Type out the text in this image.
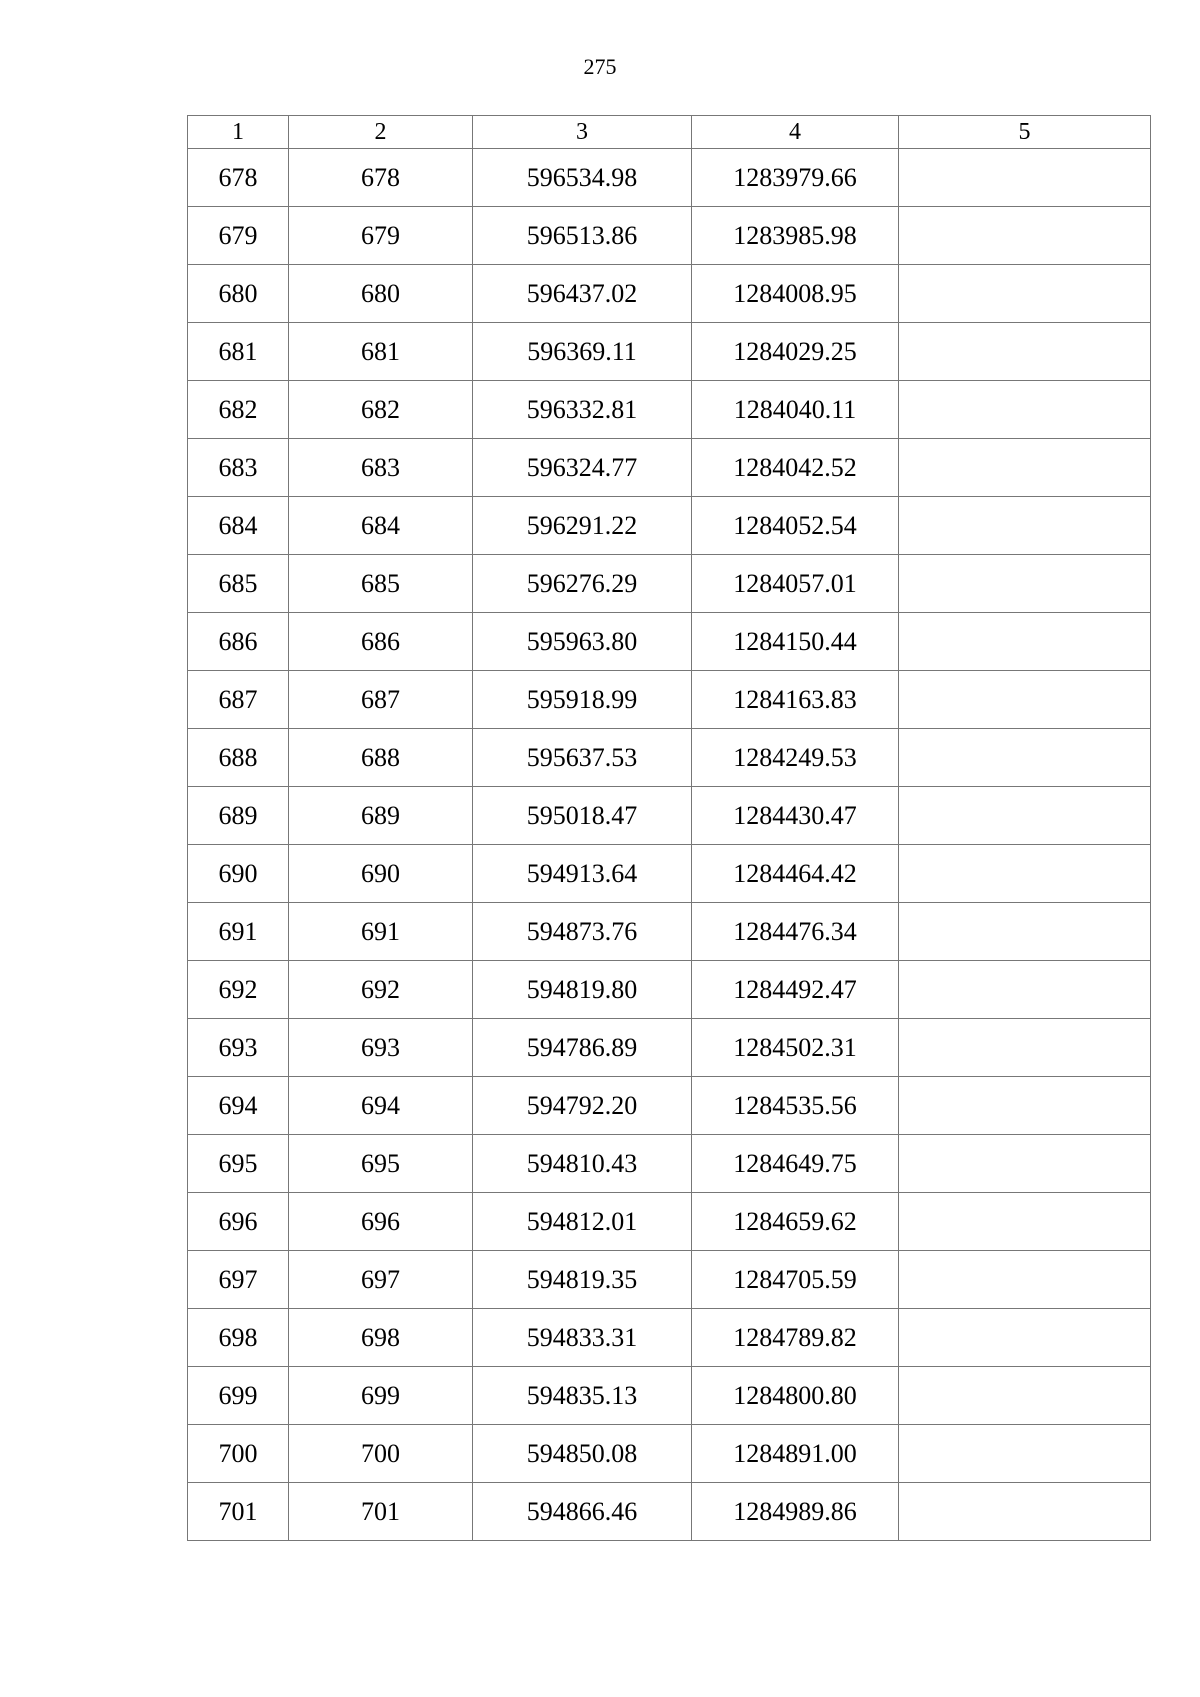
275
1	2	3	4	5
678	678	596534.98	1283979.66	
679	679	596513.86	1283985.98	
680	680	596437.02	1284008.95	
681	681	596369.11	1284029.25	
682	682	596332.81	1284040.11	
683	683	596324.77	1284042.52	
684	684	596291.22	1284052.54	
685	685	596276.29	1284057.01	
686	686	595963.80	1284150.44	
687	687	595918.99	1284163.83	
688	688	595637.53	1284249.53	
689	689	595018.47	1284430.47	
690	690	594913.64	1284464.42	
691	691	594873.76	1284476.34	
692	692	594819.80	1284492.47	
693	693	594786.89	1284502.31	
694	694	594792.20	1284535.56	
695	695	594810.43	1284649.75	
696	696	594812.01	1284659.62	
697	697	594819.35	1284705.59	
698	698	594833.31	1284789.82	
699	699	594835.13	1284800.80	
700	700	594850.08	1284891.00	
701	701	594866.46	1284989.86	
